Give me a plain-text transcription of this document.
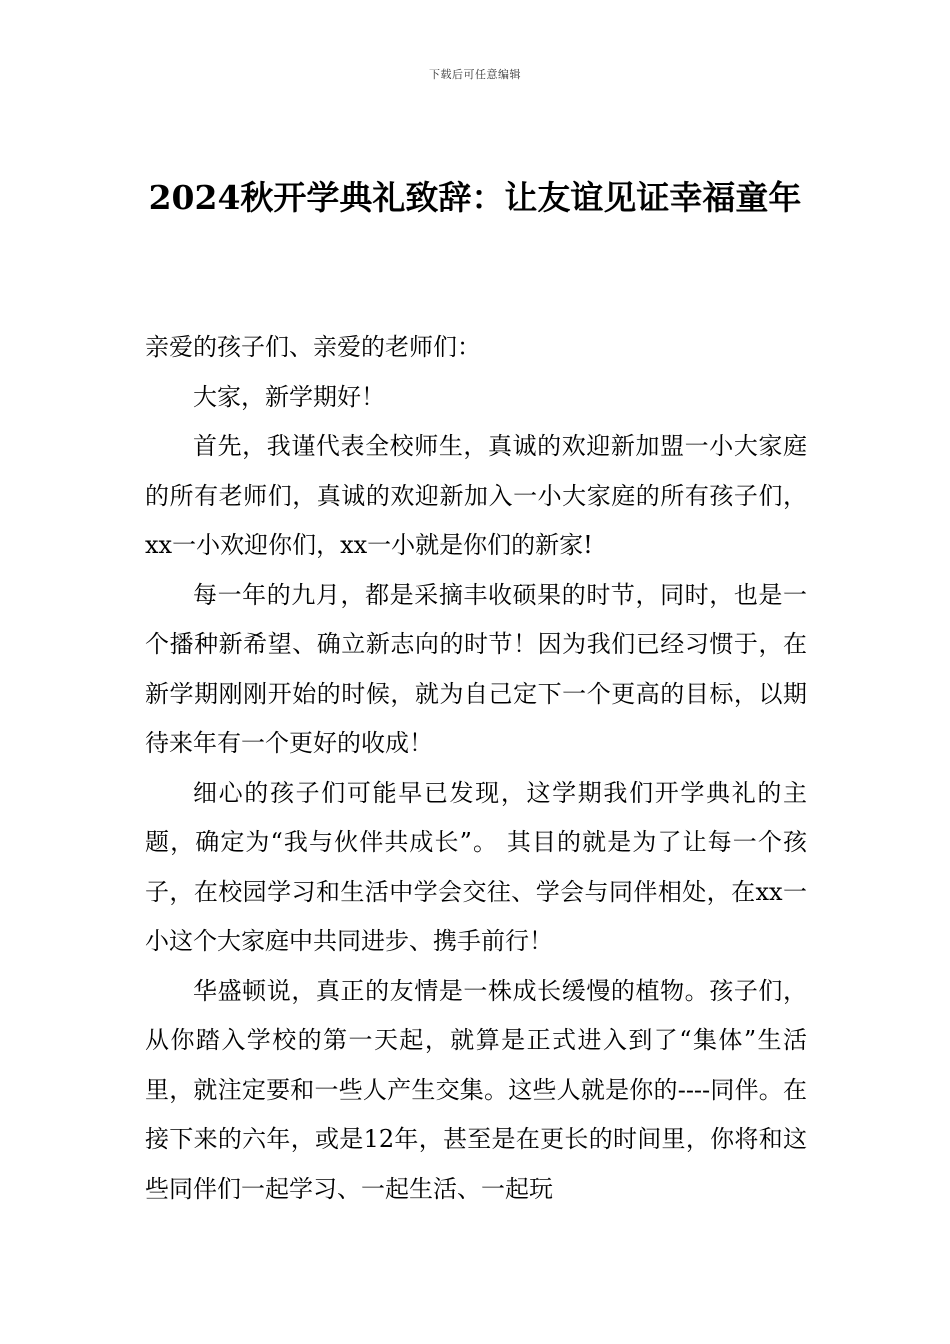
下载后可任意编辑
2024秋开学典礼致辞：让友谊见证幸福童年

亲爱的孩子们、亲爱的老师们：

大家，新学期好！

首先，我谨代表全校师生，真诚的欢迎新加盟一小大家庭的所有老师们，真诚的欢迎新加入一小大家庭的所有孩子们，xx一小欢迎你们，xx一小就是你们的新家!

每一年的九月，都是采摘丰收硕果的时节，同时，也是一个播种新希望、确立新志向的时节！因为我们已经习惯于，在新学期刚刚开始的时候，就为自己定下一个更高的目标，以期待来年有一个更好的收成！

细心的孩子们可能早已发现，这学期我们开学典礼的主题，确定为“我与伙伴共成长”。 其目的就是为了让每一个孩子，在校园学习和生活中学会交往、学会与同伴相处，在xx一小这个大家庭中共同进步、携手前行！

华盛顿说，真正的友情是一株成长缓慢的植物。孩子们，从你踏入学校的第一天起，就算是正式进入到了“集体”生活里，就注定要和一些人产生交集。这些人就是你的----同伴。在接下来的六年，或是12年，甚至是在更长的时间里，你将和这些同伴们一起学习、一起生活、一起玩
